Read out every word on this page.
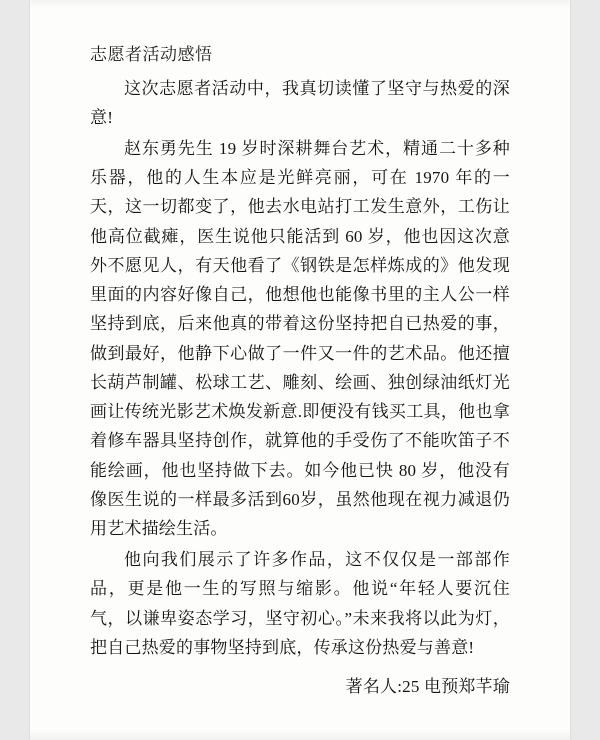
志愿者活动感悟

这次志愿者活动中，我真切读懂了坚守与热爱的深意!

赵东勇先生 19 岁时深耕舞台艺术，精通二十多种乐器，他的人生本应是光鲜亮丽，可在 1970 年的一天，这一切都变了，他去水电站打工发生意外，工伤让他高位截瘫，医生说他只能活到 60 岁，他也因这次意外不愿见人，有天他看了《钢铁是怎样炼成的》他发现里面的内容好像自己，他想他也能像书里的主人公一样坚持到底，后来他真的带着这份坚持把自已热爱的事，做到最好，他静下心做了一件又一件的艺术品。他还擅长葫芦制罐、松球工艺、雕刻、绘画、独创绿油纸灯光画让传统光影艺术焕发新意.即便没有钱买工具，他也拿着修车器具坚持创作，就算他的手受伤了不能吹笛子不能绘画，他也坚持做下去。如今他已快 80 岁，他没有像医生说的一样最多活到60岁，虽然他现在视力减退仍用艺术描绘生活。

他向我们展示了许多作品，这不仅仅是一部部作品，更是他一生的写照与缩影。他说“年轻人要沉住气，以谦卑姿态学习，坚守初心。”未来我将以此为灯，把自己热爱的事物坚持到底，传承这份热爱与善意!

著名人:25 电预郑芊瑜
